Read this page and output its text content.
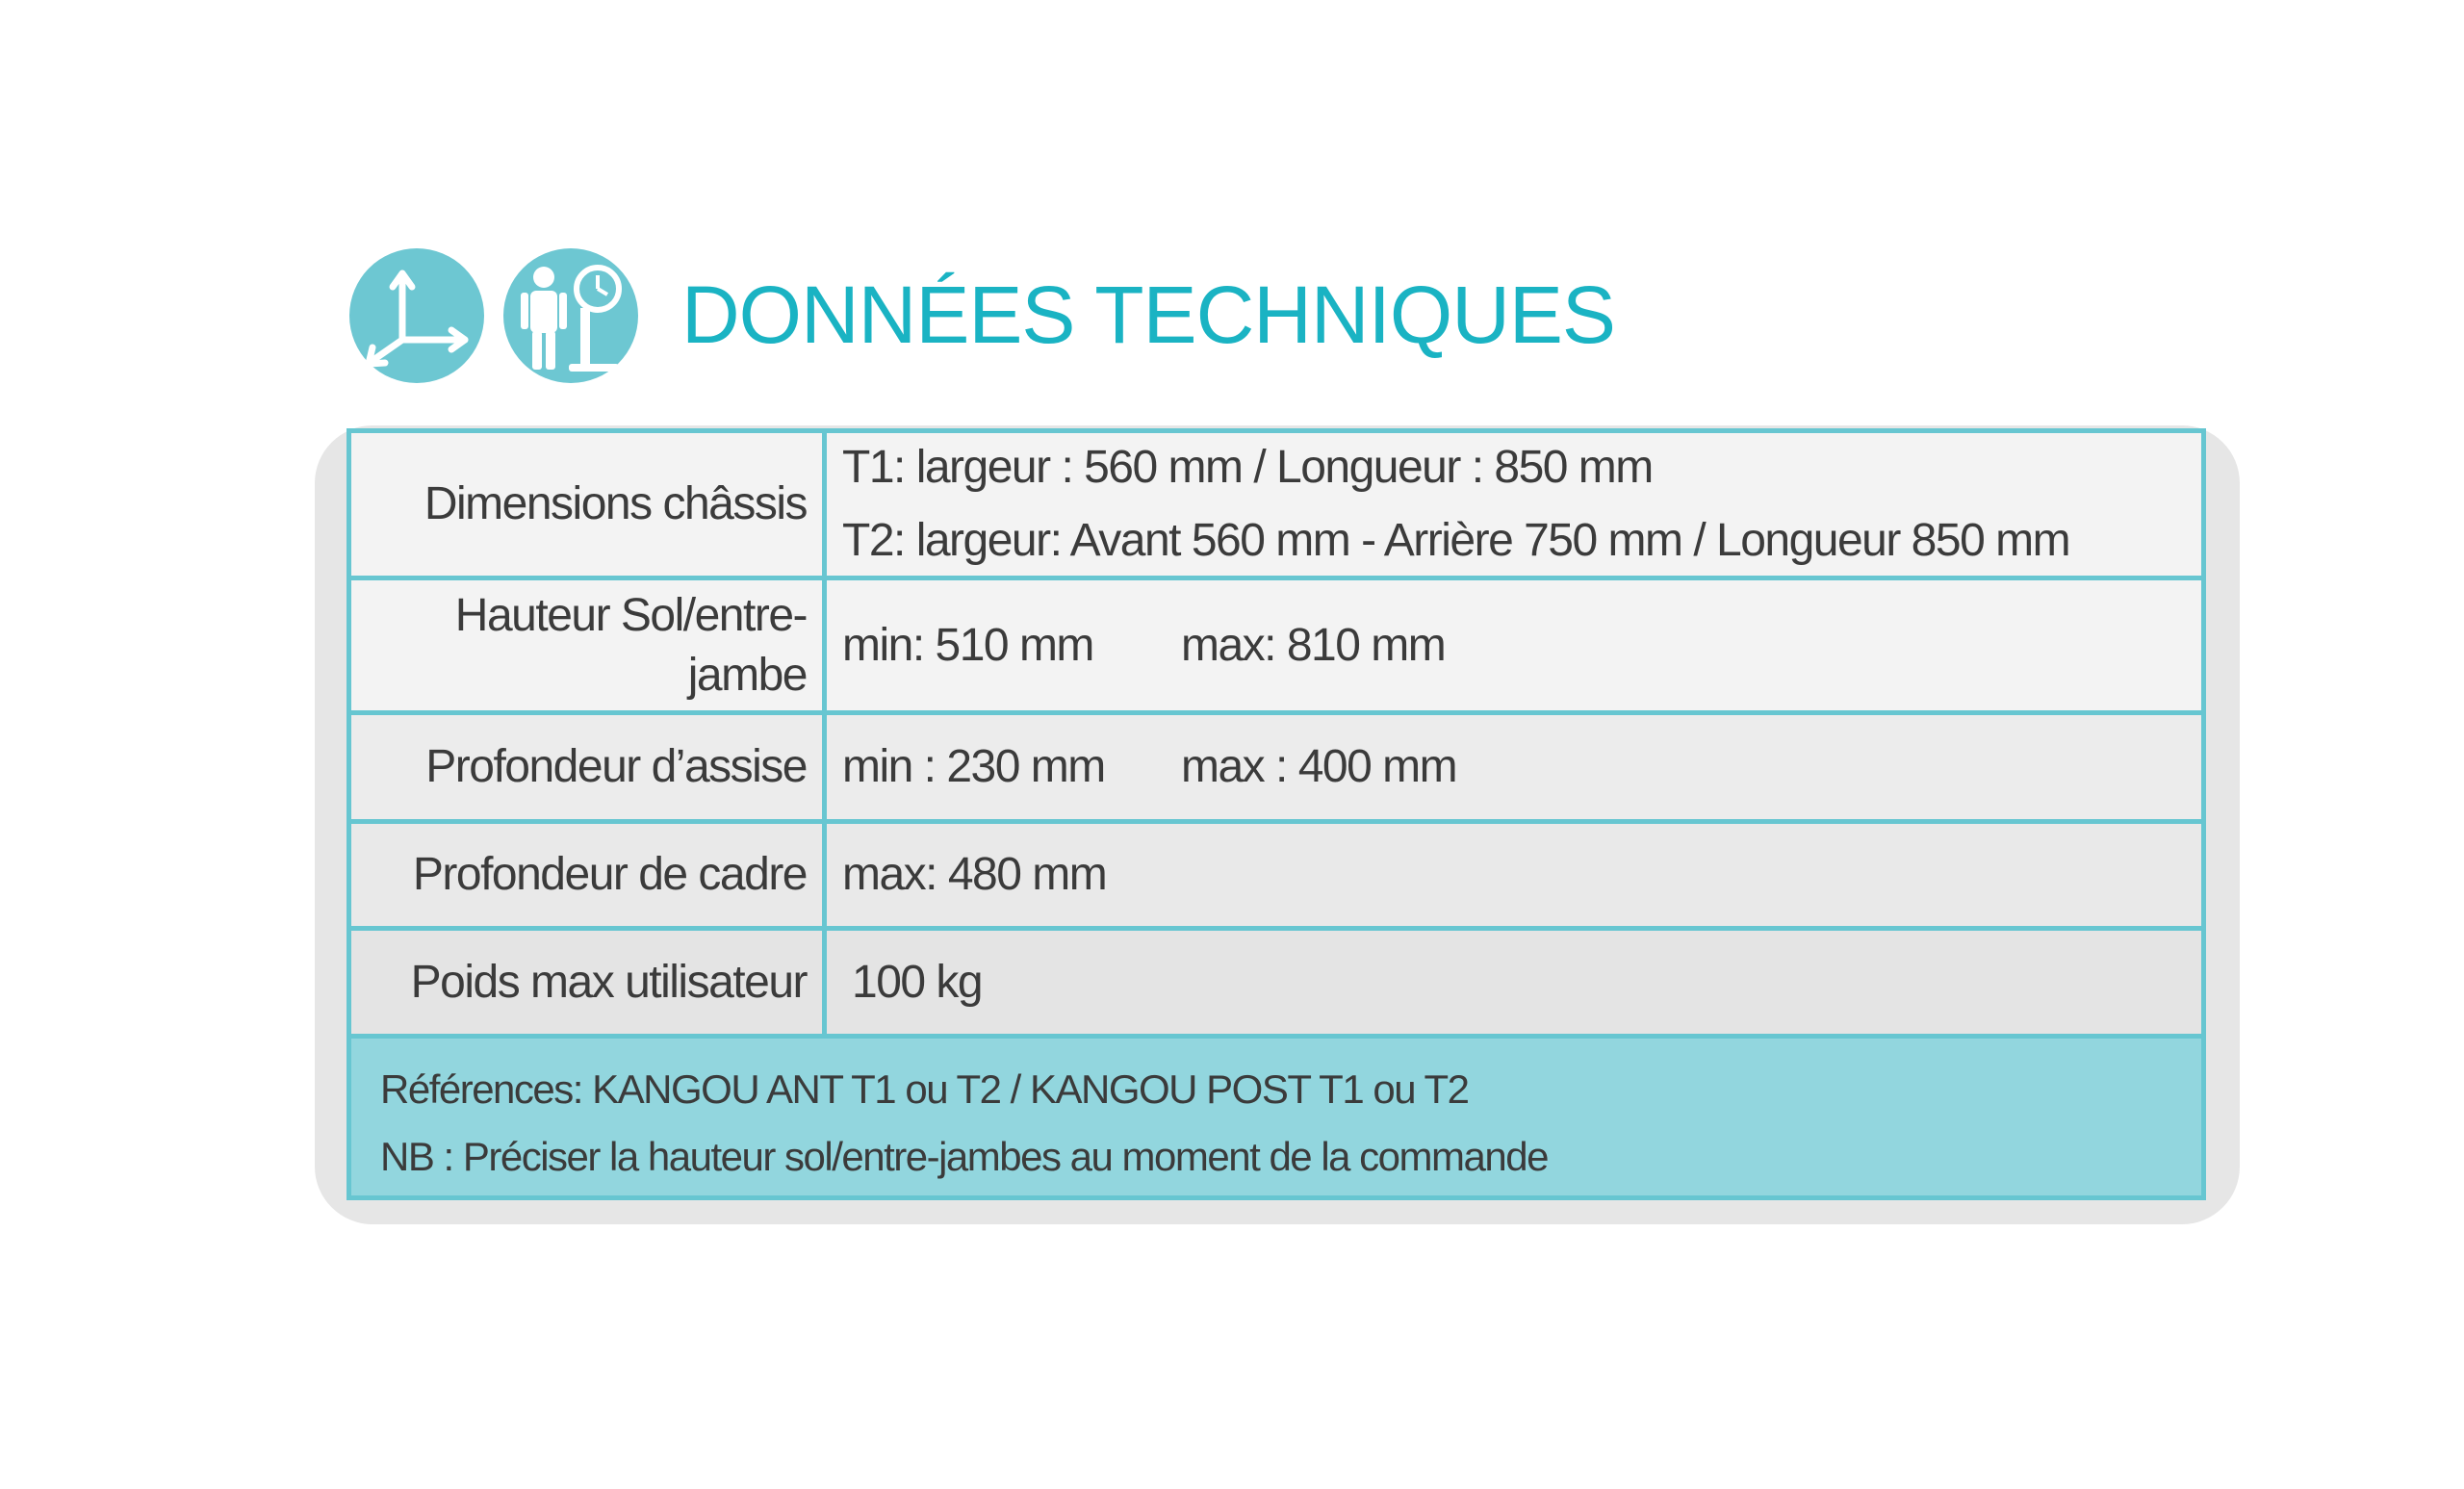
DONNÉES TECHNIQUES
Dimensions châssis
T1: largeur : 560 mm / Longueur : 850 mm
T2: largeur: Avant 560 mm - Arrière 750 mm / Longueur 850 mm
Hauteur Sol/entre-jambe
min: 510 mm	max: 810 mm
Profondeur d’assise min : 230 mm	max : 400 mm
Profondeur de cadre max: 480 mm
Poids max utilisateur 100 kg
Références: KANGOU ANT T1 ou T2 / KANGOU POST T1 ou T2
NB : Préciser la hauteur sol/entre-jambes au moment de la commande
